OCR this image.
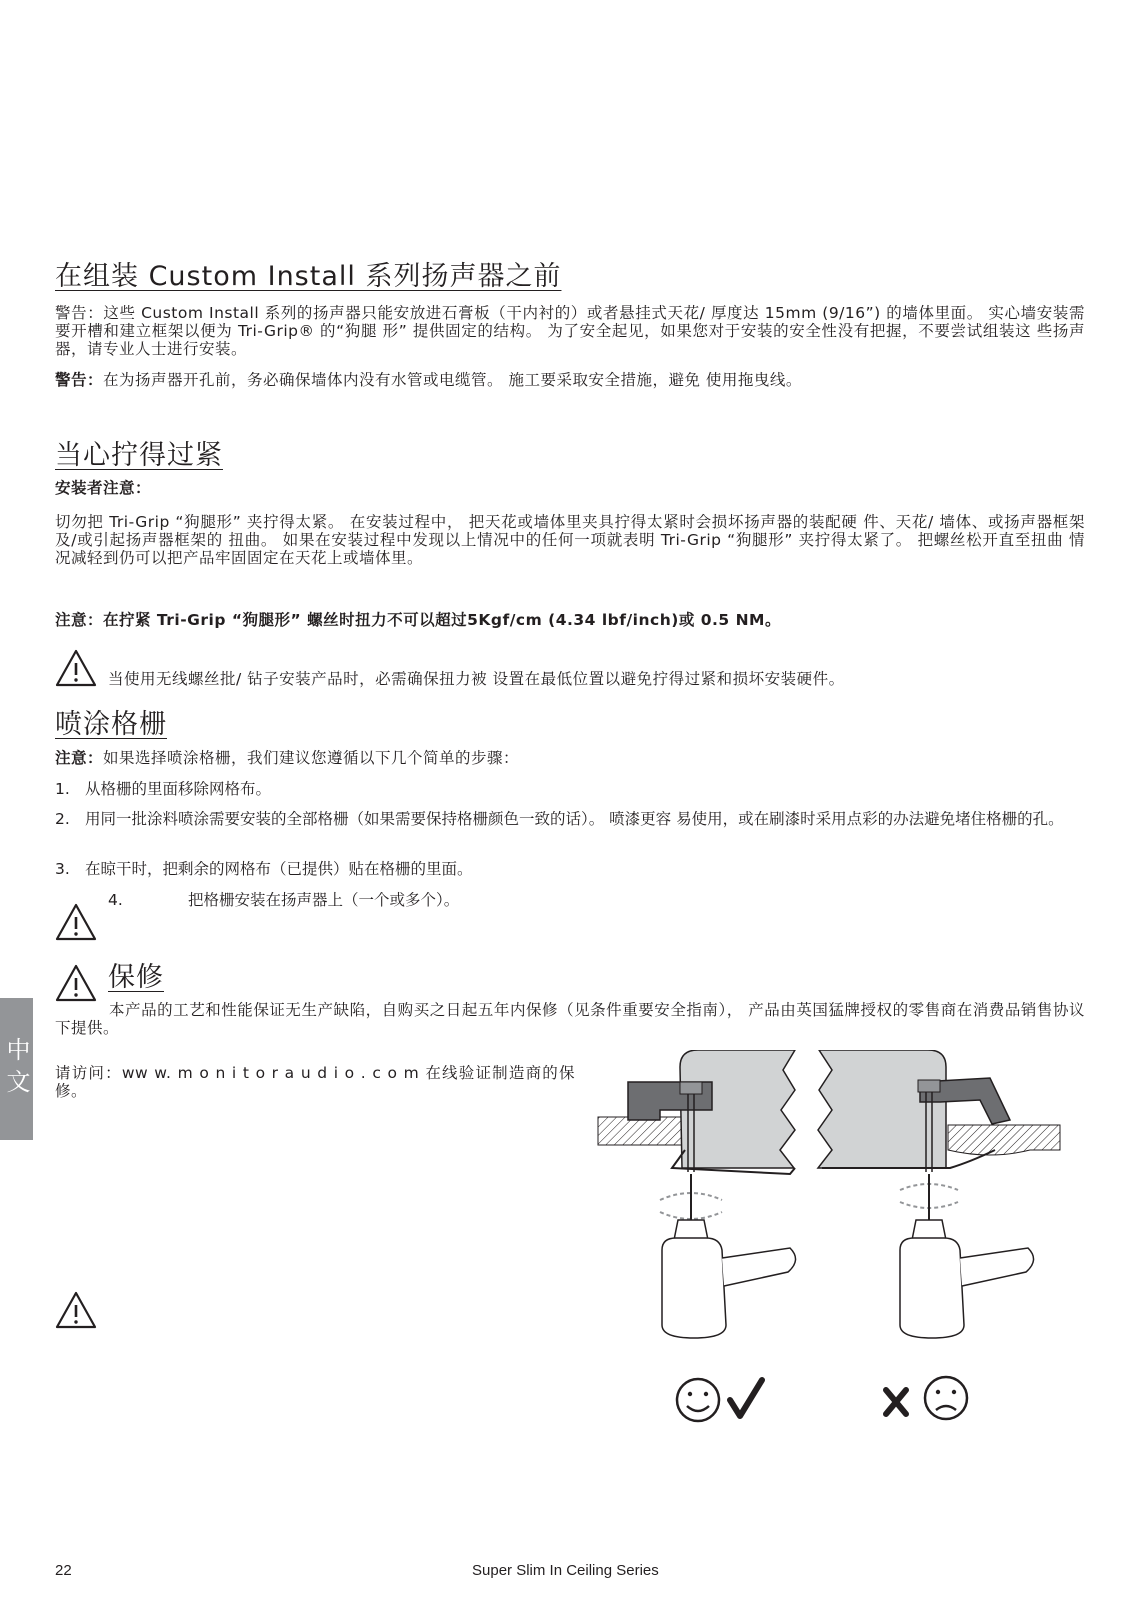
在组装 Custom Install 系列扬声器之前

警告：这些 Custom Install 系列的扬声器只能安放进石膏板（干内衬的）或者悬挂式天花/ 厚度达 15mm (9/16”) 的墙体里面。 实心墙安装需要开槽和建立框架以便为 Tri-Grip® 的“狗腿 形” 提供固定的结构。 为了安全起见，如果您对于安装的安全性没有把握，不要尝试组装这 些扬声器，请专业人士进行安装。

警告：在为扬声器开孔前，务必确保墙体内没有水管或电缆管。 施工要采取安全措施，避免 使用拖曳线。

当心拧得过紧

安装者注意：

切勿把 Tri-Grip “狗腿形” 夹拧得太紧。 在安装过程中， 把天花或墙体里夹具拧得太紧时会损坏扬声器的装配硬 件、天花/ 墙体、或扬声器框架及/或引起扬声器框架的 扭曲。 如果在安装过程中发现以上情况中的任何一项就表明 Tri-Grip “狗腿形” 夹拧得太紧了。 把螺丝松开直至扭曲 情况减轻到仍可以把产品牢固固定在天花上或墙体里。

注意：在拧紧 Tri-Grip “狗腿形” 螺丝时扭力不可以超过5Kgf/cm (4.34 lbf/inch)或 0.5 NM。

当使用无线螺丝批/ 钻子安装产品时，必需确保扭力被 设置在最低位置以避免拧得过紧和损坏安装硬件。

喷涂格栅

注意：如果选择喷涂格栅，我们建议您遵循以下几个简单的步骤：

1. 从格栅的里面移除网格布。
2. 用同一批涂料喷涂需要安装的全部格栅（如果需要保持格栅颜色一致的话）。 喷漆更容 易使用，或在刷漆时采用点彩的办法避免堵住格栅的孔。
3. 在晾干时，把剩余的网格布（已提供）贴在格栅的里面。
4.	把格栅安装在扬声器上（一个或多个）。
保修

本产品的工艺和性能保证无生产缺陷，自购买之日起五年内保修（见条件重要安全指南）， 产品由英国猛牌授权的零售商在消费品销售协议下提供。

请访问：ww w. m o n i t o r a u d i o . c o m 在线验证制造商的保修。

中文
22	Super Slim In Ceiling Series
